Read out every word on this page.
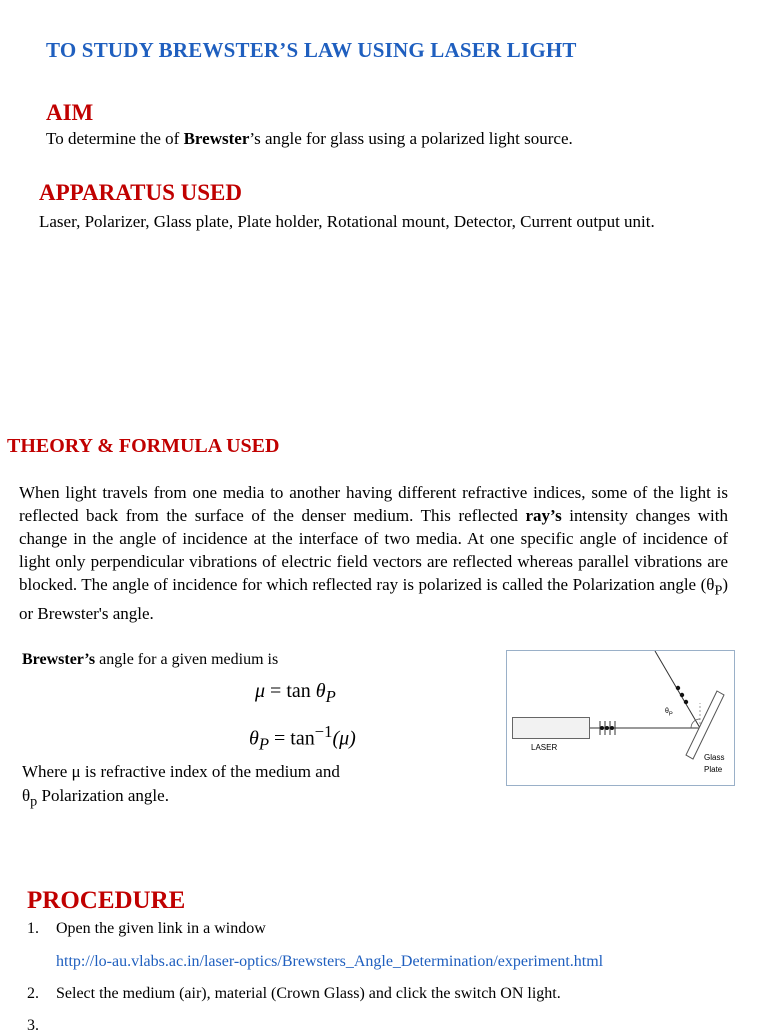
TO STUDY BREWSTER’S LAW USING LASER LIGHT
AIM
To determine the of Brewster’s angle for glass using a polarized light source.
APPARATUS USED
Laser, Polarizer, Glass plate, Plate holder, Rotational mount, Detector, Current output unit.
THEORY & FORMULA USED

When light travels from one media to another having different refractive indices, some of the light is reflected back from the surface of the denser medium. This reflected ray’s intensity changes with change in the angle of incidence at the interface of two media. At one specific angle of incidence of light only perpendicular vibrations of electric field vectors are reflected whereas parallel vibrations are blocked. The angle of incidence for which reflected ray is polarized is called the Polarization angle $(\theta_P)$ or Brewster's angle.

Brewster’s angle for a given medium is
$\mu = \tan \theta_P$
$\theta_P = \tan^{-1}(\mu)$
Where μ is refractive index of the medium and
$\theta_p$ Polarization angle.
LASER
$\theta_P$
Glass
Plate
PROCEDURE
1. Open the given link in a window
http://lo-au.vlabs.ac.in/laser-optics/Brewsters_Angle_Determination/experiment.html
2. Select the medium (air), material (Crown Glass) and click the switch ON light.
3.
